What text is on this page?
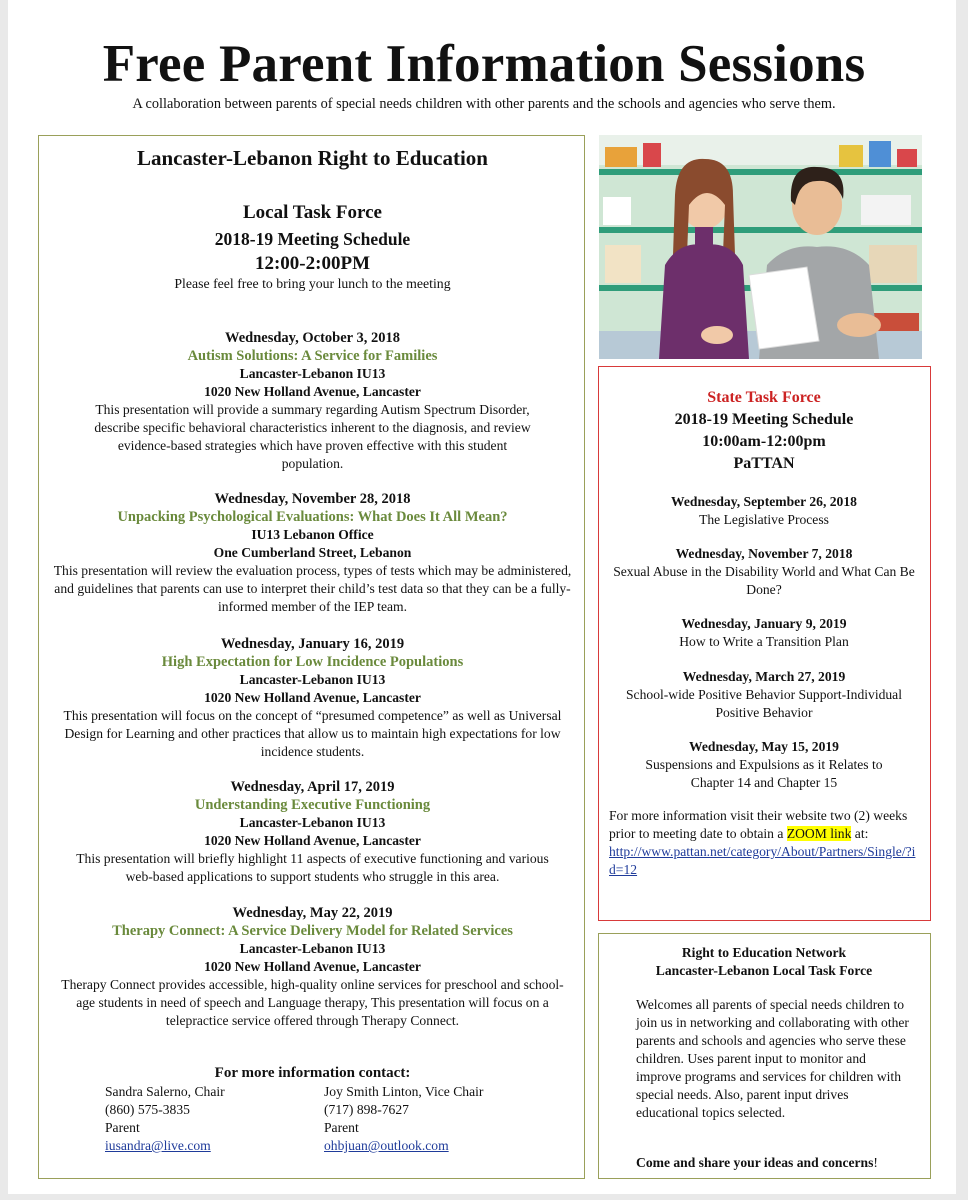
Free Parent Information Sessions
A collaboration between parents of special needs children with other parents and the schools and agencies who serve them.
Lancaster-Lebanon Right to Education
Local Task Force
2018-19 Meeting Schedule
12:00-2:00PM
Please feel free to bring your lunch to the meeting
Wednesday, October 3, 2018
Autism Solutions: A Service for Families
Lancaster-Lebanon IU13
1020 New Holland Avenue, Lancaster
This presentation will provide a summary regarding Autism Spectrum Disorder, describe specific behavioral characteristics inherent to the diagnosis, and review evidence-based strategies which have proven effective with this student population.
Wednesday, November 28, 2018
Unpacking Psychological Evaluations: What Does It All Mean?
IU13 Lebanon Office
One Cumberland Street, Lebanon
This presentation will review the evaluation process, types of tests which may be administered, and guidelines that parents can use to interpret their child’s test data so that they can be a fully-informed member of the IEP team.
Wednesday, January 16, 2019
High Expectation for Low Incidence Populations
Lancaster-Lebanon IU13
1020 New Holland Avenue, Lancaster
This presentation will focus on the concept of “presumed competence” as well as Universal Design for Learning and other practices that allow us to maintain high expectations for low incidence students.
Wednesday, April 17, 2019
Understanding Executive Functioning
Lancaster-Lebanon IU13
1020 New Holland Avenue, Lancaster
This presentation will briefly highlight 11 aspects of executive functioning and various web-based applications to support students who struggle in this area.
Wednesday, May 22, 2019
Therapy Connect: A Service Delivery Model for Related Services
Lancaster-Lebanon IU13
1020 New Holland Avenue, Lancaster
Therapy Connect provides accessible, high-quality online services for preschool and school-age students in need of speech and Language therapy, This presentation will focus on a telepractice service offered through Therapy Connect.
For more information contact:
Sandra Salerno, Chair
(860) 575-3835
Parent
iusandra@live.com
Joy Smith Linton, Vice Chair
(717) 898-7627
Parent
ohbjuan@outlook.com
State Task Force
2018-19 Meeting Schedule
10:00am-12:00pm
PaTTAN
Wednesday, September 26, 2018
The Legislative Process
Wednesday, November 7, 2018
Sexual Abuse in the Disability World and What Can Be Done?
Wednesday, January 9, 2019
How to Write a Transition Plan
Wednesday, March 27, 2019
School-wide Positive Behavior Support-Individual Positive Behavior
Wednesday, May 15, 2019
Suspensions and Expulsions as it Relates to Chapter 14 and Chapter 15
For more information visit their website two (2) weeks prior to meeting date to obtain a ZOOM link at:
http://www.pattan.net/category/About/Partners/Single/?id=12
Right to Education Network
Lancaster-Lebanon Local Task Force
Welcomes all parents of special needs children to join us in networking and collaborating with other parents and schools and agencies who serve these children. Uses parent input to monitor and improve programs and services for children with special needs. Also, parent input drives educational topics selected.
Come and share your ideas and concerns!
